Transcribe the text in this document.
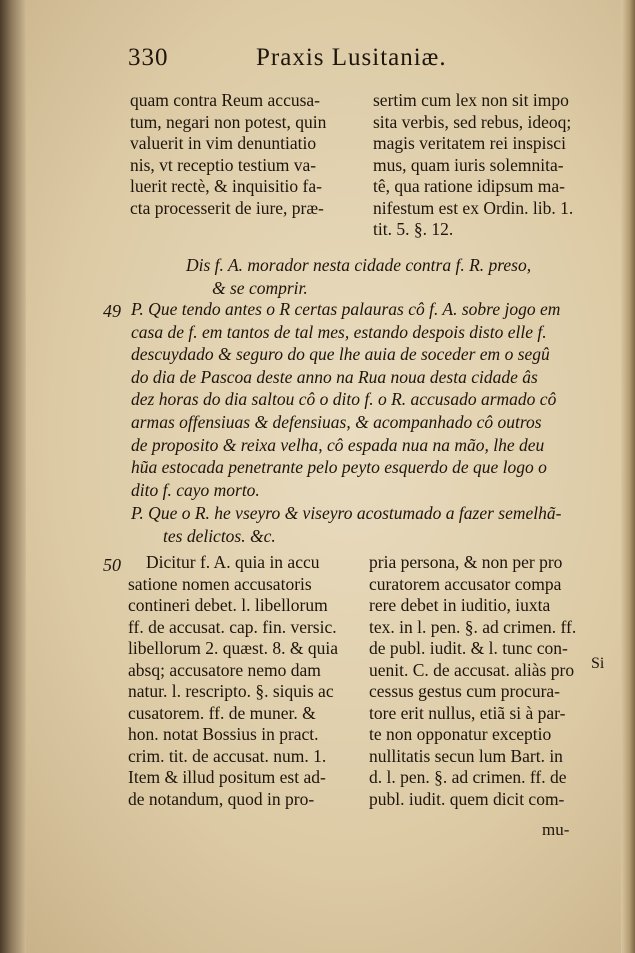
330	Praxis Lusitaniæ.
quam contra Reum accusa-
tum, negari non potest, quin
valuerit in vim denuntiatio
nis, vt receptio testium va-
luerit rectè, & inquisitio fa-
cta processerit de iure, præ-
sertim cum lex non sit impo
sita verbis, sed rebus, ideoq;
magis veritatem rei inspisci
mus, quam iuris solemnita-
tê, qua ratione idipsum ma-
nifestum est ex Ordin. lib. 1.
tit. 5. §. 12.
Dis f. A. morador nesta cidade contra f. R. preso,
& se comprir.
49 P. Que tendo antes o R certas palauras cô f. A. sobre jogo em
casa de f. em tantos de tal mes, estando despois disto elle f.
descuydado & seguro do que lhe auia de soceder em o segû
do dia de Pascoa deste anno na Rua noua desta cidade âs
dez horas do dia saltou cô o dito f. o R. accusado armado cô
armas offensiuas & defensiuas, & acompanhado cô outros
de proposito & reixa velha, cô espada nua na mão, lhe deu
hũa estocada penetrante pelo peyto esquerdo de que logo o
dito f. cayo morto.
P. Que o R. he vseyro & viseyro acostumado a fazer semelhã-
tes delictos. &c.
50	Dicitur f. A. quia in accu
satione nomen accusatoris
contineri debet. l. libellorum
ff. de accusat. cap. fin. versic.
libellorum 2. quæst. 8. & quia
absq; accusatore nemo dam
natur. l. rescripto. §. siquis ac
cusatorem. ff. de muner. &
hon. notat Bossius in pract.
crim. tit. de accusat. num. 1.
Item & illud positum est ad-
de notandum, quod in pro-
pria persona, & non per pro
curatorem accusator compa
rere debet in iuditio, iuxta
tex. in l. pen. §. ad crimen. ff.
de publ. iudit. & l. tunc con-
uenit. C. de accusat. aliàs pro
cessus gestus cum procura-
tore erit nullus, etiã si à par-
te non opponatur exceptio
nullitatis secun lum Bart. in
d. l. pen. §. ad crimen. ff. de
publ. iudit. quem dicit com-
Si
mu-
